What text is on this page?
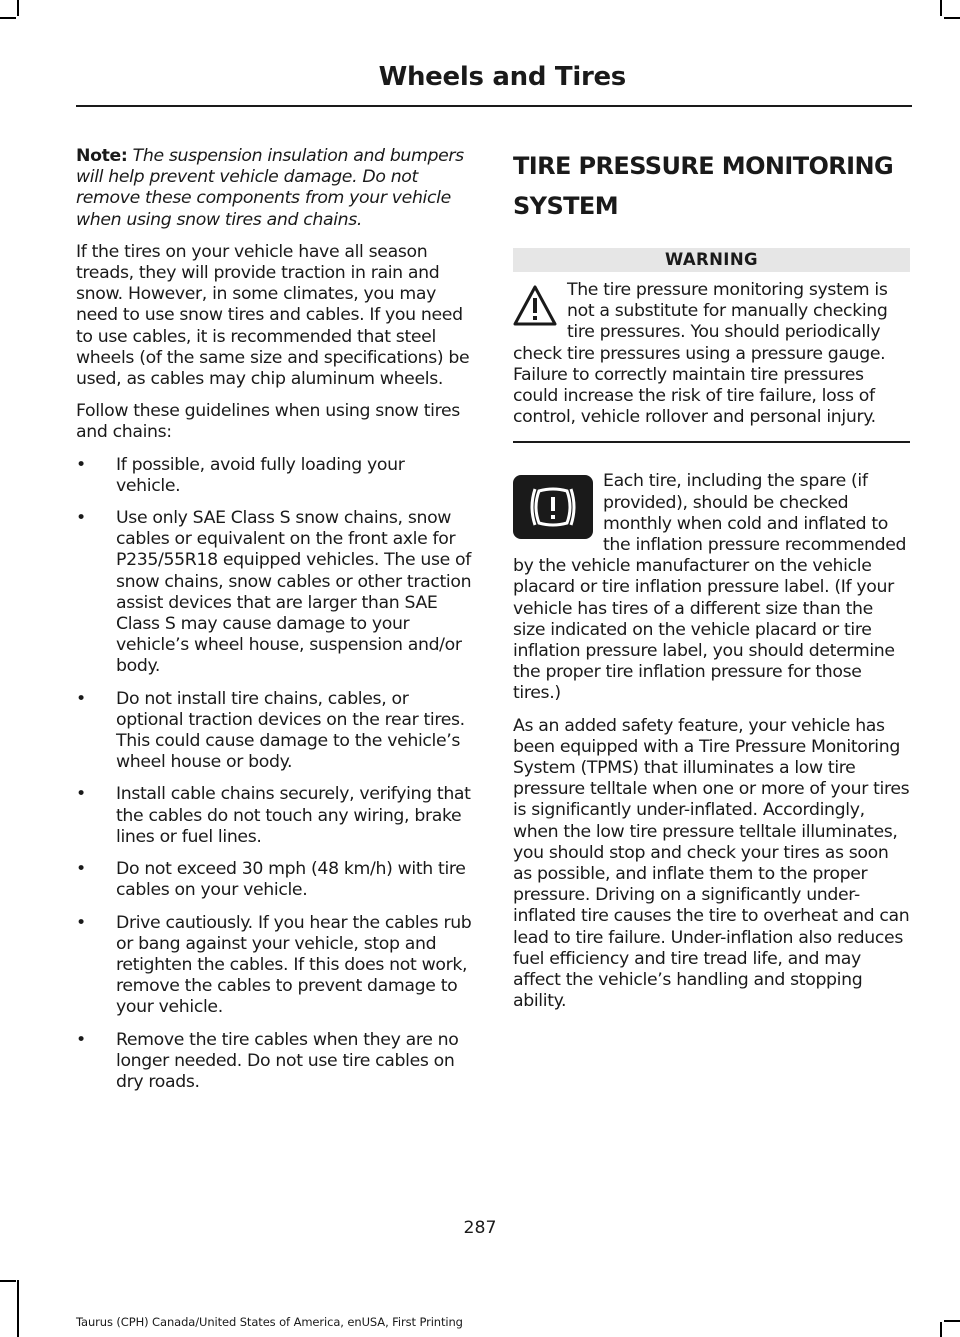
Wheels and Tires

Note: The suspension insulation and bumpers will help prevent vehicle damage. Do not remove these components from your vehicle when using snow tires and chains.

If the tires on your vehicle have all season treads, they will provide traction in rain and snow. However, in some climates, you may need to use snow tires and cables. If you need to use cables, it is recommended that steel wheels (of the same size and specifications) be used, as cables may chip aluminum wheels.

Follow these guidelines when using snow tires and chains:

•	If possible, avoid fully loading your vehicle.
•	Use only SAE Class S snow chains, snow cables or equivalent on the front axle for P235/55R18 equipped vehicles. The use of snow chains, snow cables or other traction assist devices that are larger than SAE Class S may cause damage to your vehicle’s wheel house, suspension and/or body.
•	Do not install tire chains, cables, or optional traction devices on the rear tires. This could cause damage to the vehicle’s wheel house or body.
•	Install cable chains securely, verifying that the cables do not touch any wiring, brake lines or fuel lines.
•	Do not exceed 30 mph (48 km/h) with tire cables on your vehicle.
•	Drive cautiously. If you hear the cables rub or bang against your vehicle, stop and retighten the cables. If this does not work, remove the cables to prevent damage to your vehicle.
•	Remove the tire cables when they are no longer needed. Do not use tire cables on dry roads.
TIRE PRESSURE MONITORING
SYSTEM
WARNING

The tire pressure monitoring system is not a substitute for manually checking tire pressures. You should periodically check tire pressures using a pressure gauge. Failure to correctly maintain tire pressures could increase the risk of tire failure, loss of control, vehicle rollover and personal injury.

Each tire, including the spare (if provided), should be checked monthly when cold and inflated to the inflation pressure recommended by the vehicle manufacturer on the vehicle placard or tire inflation pressure label. (If your vehicle has tires of a different size than the size indicated on the vehicle placard or tire inflation pressure label, you should determine the proper tire inflation pressure for those tires.)

As an added safety feature, your vehicle has been equipped with a Tire Pressure Monitoring System (TPMS) that illuminates a low tire pressure telltale when one or more of your tires is significantly under-inflated. Accordingly, when the low tire pressure telltale illuminates, you should stop and check your tires as soon as possible, and inflate them to the proper pressure. Driving on a significantly under-inflated tire causes the tire to overheat and can lead to tire failure. Under-inflation also reduces fuel efficiency and tire tread life, and may affect the vehicle’s handling and stopping ability.

287
Taurus (CPH) Canada/United States of America, enUSA, First Printing
